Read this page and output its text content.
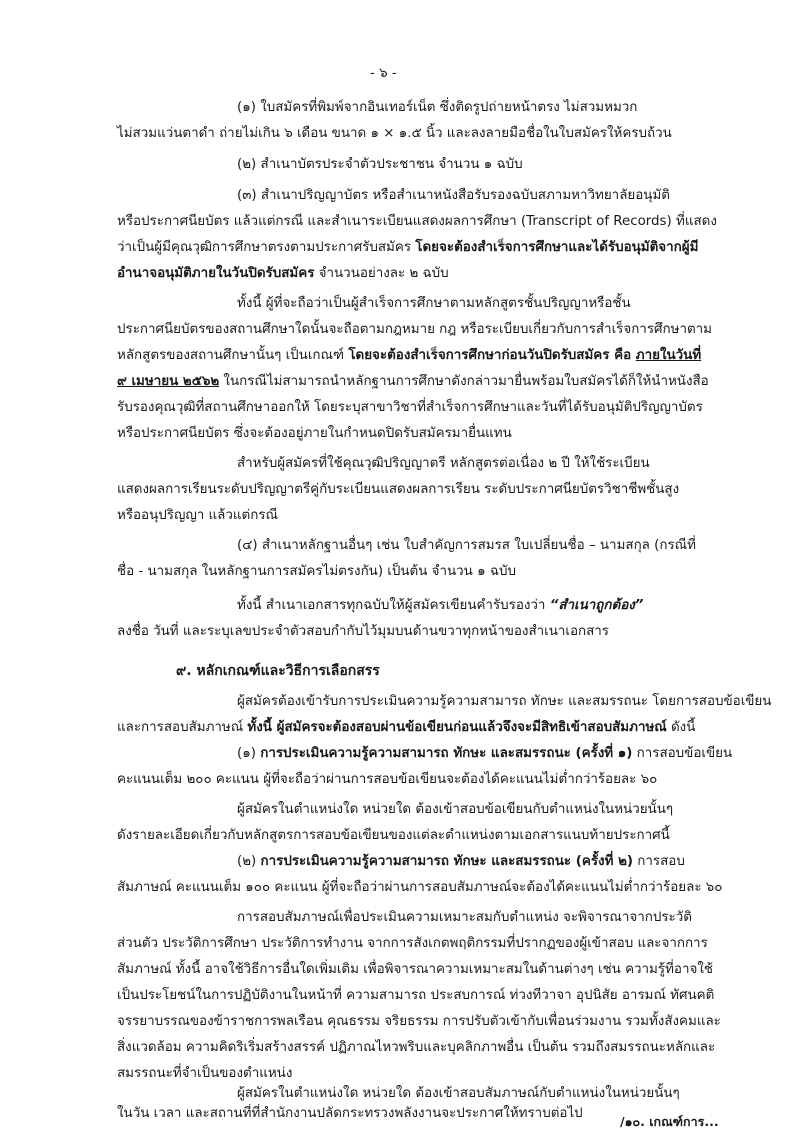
- ๖ -

(๑) ใบสมัครที่พิมพ์จากอินเทอร์เน็ต ซึ่งติดรูปถ่ายหน้าตรง ไม่สวมหมวก

ไม่สวมแว่นตาดำ ถ่ายไม่เกิน ๖ เดือน ขนาด ๑ × ๑.๕ นิ้ว และลงลายมือชื่อในใบสมัครให้ครบถ้วน

(๒) สำเนาบัตรประจำตัวประชาชน จำนวน ๑ ฉบับ

(๓) สำเนาปริญญาบัตร หรือสำเนาหนังสือรับรองฉบับสภามหาวิทยาลัยอนุมัติ

หรือประกาศนียบัตร แล้วแต่กรณี และสำเนาระเบียนแสดงผลการศึกษา (Transcript of Records) ที่แสดง

ว่าเป็นผู้มีคุณวุฒิการศึกษาตรงตามประกาศรับสมัคร โดยจะต้องสำเร็จการศึกษาและได้รับอนุมัติจากผู้มี

อำนาจอนุมัติภายในวันปิดรับสมัคร จำนวนอย่างละ ๒ ฉบับ

ทั้งนี้ ผู้ที่จะถือว่าเป็นผู้สำเร็จการศึกษาตามหลักสูตรชั้นปริญญาหรือชั้น

ประกาศนียบัตรของสถานศึกษาใดนั้นจะถือตามกฎหมาย กฎ หรือระเบียบเกี่ยวกับการสำเร็จการศึกษาตาม

หลักสูตรของสถานศึกษานั้นๆ เป็นเกณฑ์ โดยจะต้องสำเร็จการศึกษาก่อนวันปิดรับสมัคร คือ ภายในวันที่

๙ เมษายน ๒๕๖๒ ในกรณีไม่สามารถนำหลักฐานการศึกษาดังกล่าวมายื่นพร้อมใบสมัครได้ก็ให้นำหนังสือ

รับรองคุณวุฒิที่สถานศึกษาออกให้ โดยระบุสาขาวิชาที่สำเร็จการศึกษาและวันที่ได้รับอนุมัติปริญญาบัตร

หรือประกาศนียบัตร ซึ่งจะต้องอยู่ภายในกำหนดปิดรับสมัครมายื่นแทน

สำหรับผู้สมัครที่ใช้คุณวุฒิปริญญาตรี หลักสูตรต่อเนื่อง ๒ ปี ให้ใช้ระเบียน

แสดงผลการเรียนระดับปริญญาตรีคู่กับระเบียนแสดงผลการเรียน ระดับประกาศนียบัตรวิชาชีพชั้นสูง

หรืออนุปริญญา แล้วแต่กรณี

(๔) สำเนาหลักฐานอื่นๆ เช่น ใบสำคัญการสมรส ใบเปลี่ยนชื่อ – นามสกุล (กรณีที่

ชื่อ - นามสกุล ในหลักฐานการสมัครไม่ตรงกัน) เป็นต้น จำนวน ๑ ฉบับ

ทั้งนี้ สำเนาเอกสารทุกฉบับให้ผู้สมัครเขียนคำรับรองว่า “สำเนาถูกต้อง”

ลงชื่อ วันที่ และระบุเลขประจำตัวสอบกำกับไว้มุมบนด้านขวาทุกหน้าของสำเนาเอกสาร

๙. หลักเกณฑ์และวิธีการเลือกสรร

ผู้สมัครต้องเข้ารับการประเมินความรู้ความสามารถ ทักษะ และสมรรถนะ โดยการสอบข้อเขียน

และการสอบสัมภาษณ์ ทั้งนี้ ผู้สมัครจะต้องสอบผ่านข้อเขียนก่อนแล้วจึงจะมีสิทธิเข้าสอบสัมภาษณ์ ดังนี้

(๑) การประเมินความรู้ความสามารถ ทักษะ และสมรรถนะ (ครั้งที่ ๑) การสอบข้อเขียน

คะแนนเต็ม ๒๐๐ คะแนน ผู้ที่จะถือว่าผ่านการสอบข้อเขียนจะต้องได้คะแนนไม่ต่ำกว่าร้อยละ ๖๐

ผู้สมัครในตำแหน่งใด หน่วยใด ต้องเข้าสอบข้อเขียนกับตำแหน่งในหน่วยนั้นๆ

ดังรายละเอียดเกี่ยวกับหลักสูตรการสอบข้อเขียนของแต่ละตำแหน่งตามเอกสารแนบท้ายประกาศนี้

(๒) การประเมินความรู้ความสามารถ ทักษะ และสมรรถนะ (ครั้งที่ ๒) การสอบ

สัมภาษณ์ คะแนนเต็ม ๑๐๐ คะแนน ผู้ที่จะถือว่าผ่านการสอบสัมภาษณ์จะต้องได้คะแนนไม่ต่ำกว่าร้อยละ ๖๐

การสอบสัมภาษณ์เพื่อประเมินความเหมาะสมกับตำแหน่ง จะพิจารณาจากประวัติ

ส่วนตัว ประวัติการศึกษา ประวัติการทำงาน จากการสังเกตพฤติกรรมที่ปรากฏของผู้เข้าสอบ และจากการ

สัมภาษณ์ ทั้งนี้ อาจใช้วิธีการอื่นใดเพิ่มเติม เพื่อพิจารณาความเหมาะสมในด้านต่างๆ เช่น ความรู้ที่อาจใช้

เป็นประโยชน์ในการปฏิบัติงานในหน้าที่ ความสามารถ ประสบการณ์ ท่วงทีวาจา อุปนิสัย อารมณ์ ทัศนคติ

จรรยาบรรณของข้าราชการพลเรือน คุณธรรม จริยธรรม การปรับตัวเข้ากับเพื่อนร่วมงาน รวมทั้งสังคมและ

สิ่งแวดล้อม ความคิดริเริ่มสร้างสรรค์ ปฏิภาณไหวพริบและบุคลิกภาพอื่น เป็นต้น รวมถึงสมรรถนะหลักและ

สมรรถนะที่จำเป็นของตำแหน่ง

ผู้สมัครในตำแหน่งใด หน่วยใด ต้องเข้าสอบสัมภาษณ์กับตำแหน่งในหน่วยนั้นๆ

ในวัน เวลา และสถานที่ที่สำนักงานปลัดกระทรวงพลังงานจะประกาศให้ทราบต่อไป

/๑๐. เกณฑ์การ...
